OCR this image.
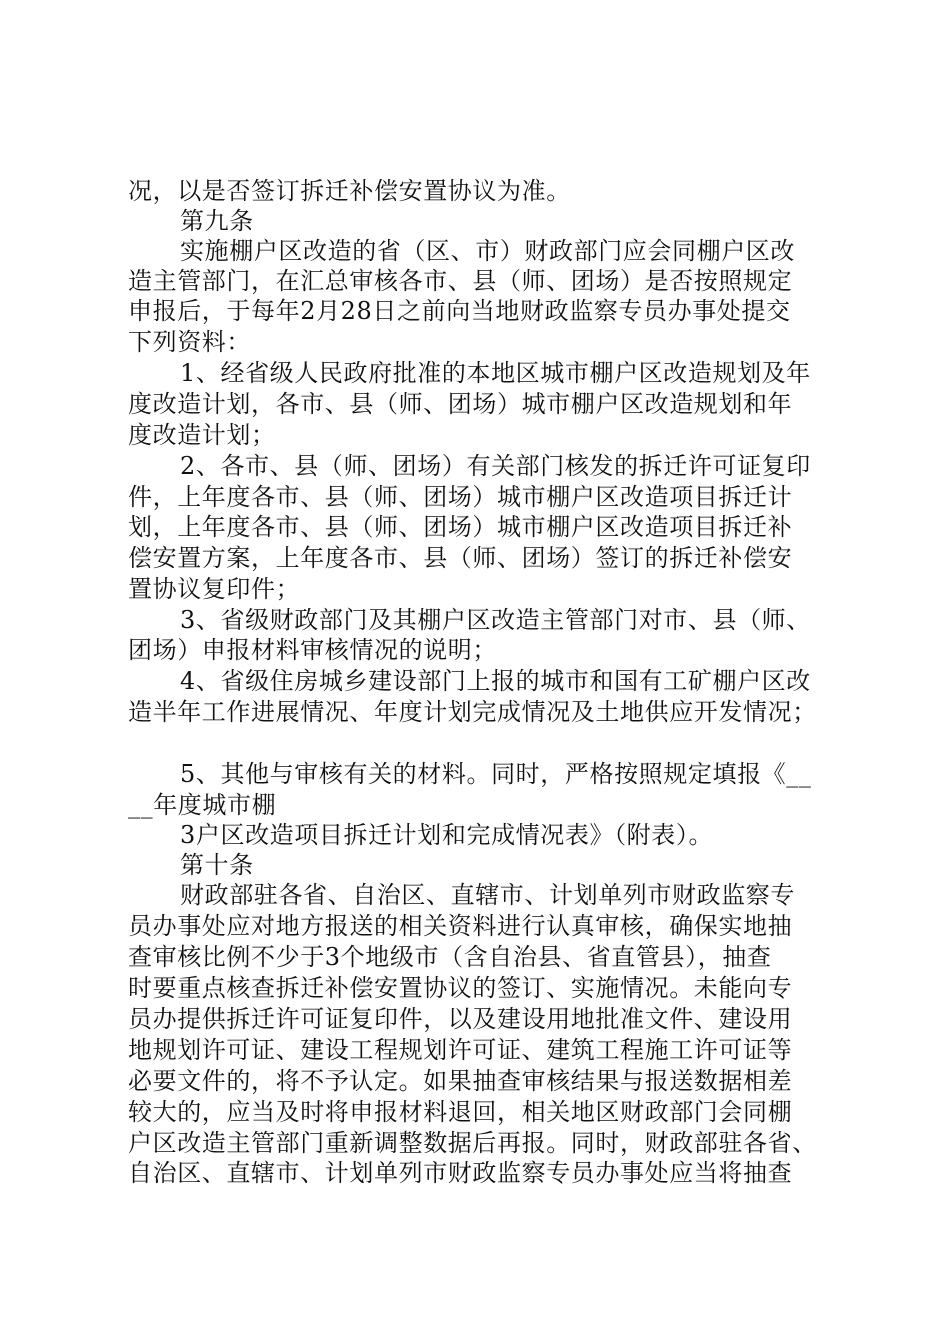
况，以是否签订拆迁补偿安置协议为准。
第九条
实施棚户区改造的省（区、市）财政部门应会同棚户区改
造主管部门，在汇总审核各市、县（师、团场）是否按照规定
申报后，于每年2月28日之前向当地财政监察专员办事处提交
下列资料：
1、经省级人民政府批准的本地区城市棚户区改造规划及年
度改造计划，各市、县（师、团场）城市棚户区改造规划和年
度改造计划；
2、各市、县（师、团场）有关部门核发的拆迁许可证复印
件，上年度各市、县（师、团场）城市棚户区改造项目拆迁计
划，上年度各市、县（师、团场）城市棚户区改造项目拆迁补
偿安置方案，上年度各市、县（师、团场）签订的拆迁补偿安
置协议复印件；
3、省级财政部门及其棚户区改造主管部门对市、县（师、
团场）申报材料审核情况的说明；
4、省级住房城乡建设部门上报的城市和国有工矿棚户区改
造半年工作进展情况、年度计划完成情况及土地供应开发情况；
5、其他与审核有关的材料。同时，严格按照规定填报《__
__年度城市棚
3户区改造项目拆迁计划和完成情况表》（附表）。
第十条
财政部驻各省、自治区、直辖市、计划单列市财政监察专
员办事处应对地方报送的相关资料进行认真审核，确保实地抽
查审核比例不少于3个地级市（含自治县、省直管县），抽查
时要重点核查拆迁补偿安置协议的签订、实施情况。未能向专
员办提供拆迁许可证复印件，以及建设用地批准文件、建设用
地规划许可证、建设工程规划许可证、建筑工程施工许可证等
必要文件的，将不予认定。如果抽查审核结果与报送数据相差
较大的，应当及时将申报材料退回，相关地区财政部门会同棚
户区改造主管部门重新调整数据后再报。同时，财政部驻各省、
自治区、直辖市、计划单列市财政监察专员办事处应当将抽查
